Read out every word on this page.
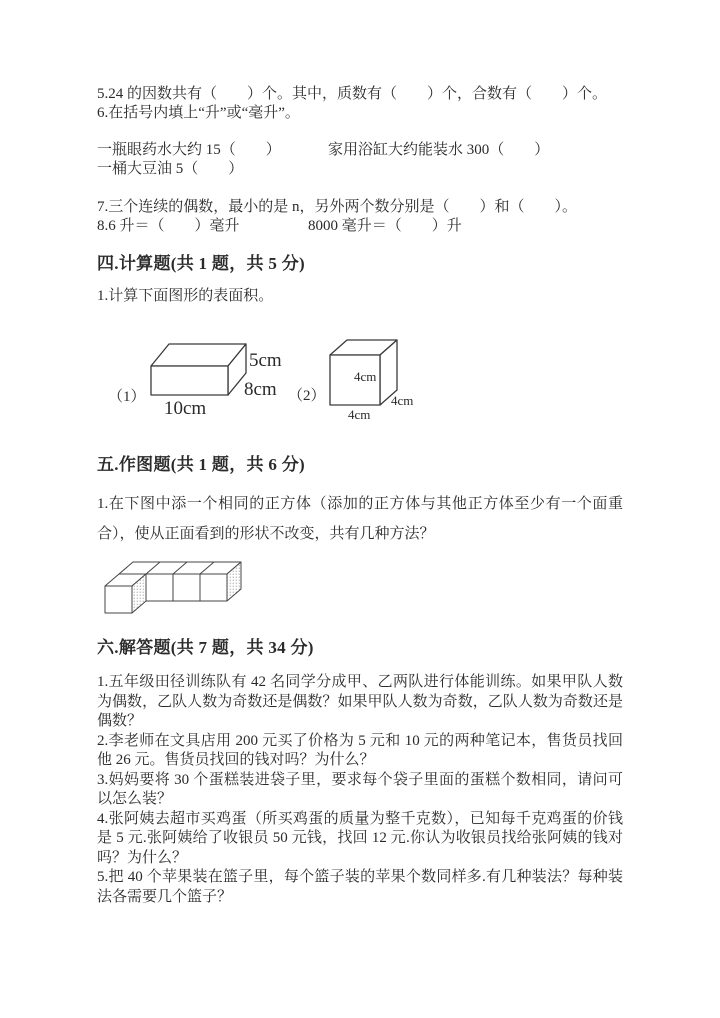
5.24 的因数共有（　　）个。其中，质数有（　　）个，合数有（　　）个。
6.在括号内填上“升”或“毫升”。
一瓶眼药水大约 15（　　）	家用浴缸大约能装水 300（　　）
一桶大豆油 5（　　）
7.三个连续的偶数，最小的是 n，另外两个数分别是（　　）和（　　）。
8.6 升＝（　　）毫升	8000 毫升＝（　　）升
四.计算题(共 1 题，共 5 分)
1.计算下面图形的表面积。
（1）
5cm
8cm
10cm
（2）
4cm
4cm
4cm
五.作图题(共 1 题，共 6 分)
1.在下图中添一个相同的正方体（添加的正方体与其他正方体至少有一个面重合），使从正面看到的形状不改变，共有几种方法？
六.解答题(共 7 题，共 34 分)
1.五年级田径训练队有 42 名同学分成甲、乙两队进行体能训练。如果甲队人数为偶数，乙队人数为奇数还是偶数？如果甲队人数为奇数，乙队人数为奇数还是偶数？
2.李老师在文具店用 200 元买了价格为 5 元和 10 元的两种笔记本，售货员找回他 26 元。售货员找回的钱对吗？为什么？
3.妈妈要将 30 个蛋糕装进袋子里，要求每个袋子里面的蛋糕个数相同，请问可以怎么装？
4.张阿姨去超市买鸡蛋（所买鸡蛋的质量为整千克数），已知每千克鸡蛋的价钱是 5 元.张阿姨给了收银员 50 元钱，找回 12 元.你认为收银员找给张阿姨的钱对吗？为什么？
5.把 40 个苹果装在篮子里，每个篮子装的苹果个数同样多.有几种装法？每种装法各需要几个篮子？
